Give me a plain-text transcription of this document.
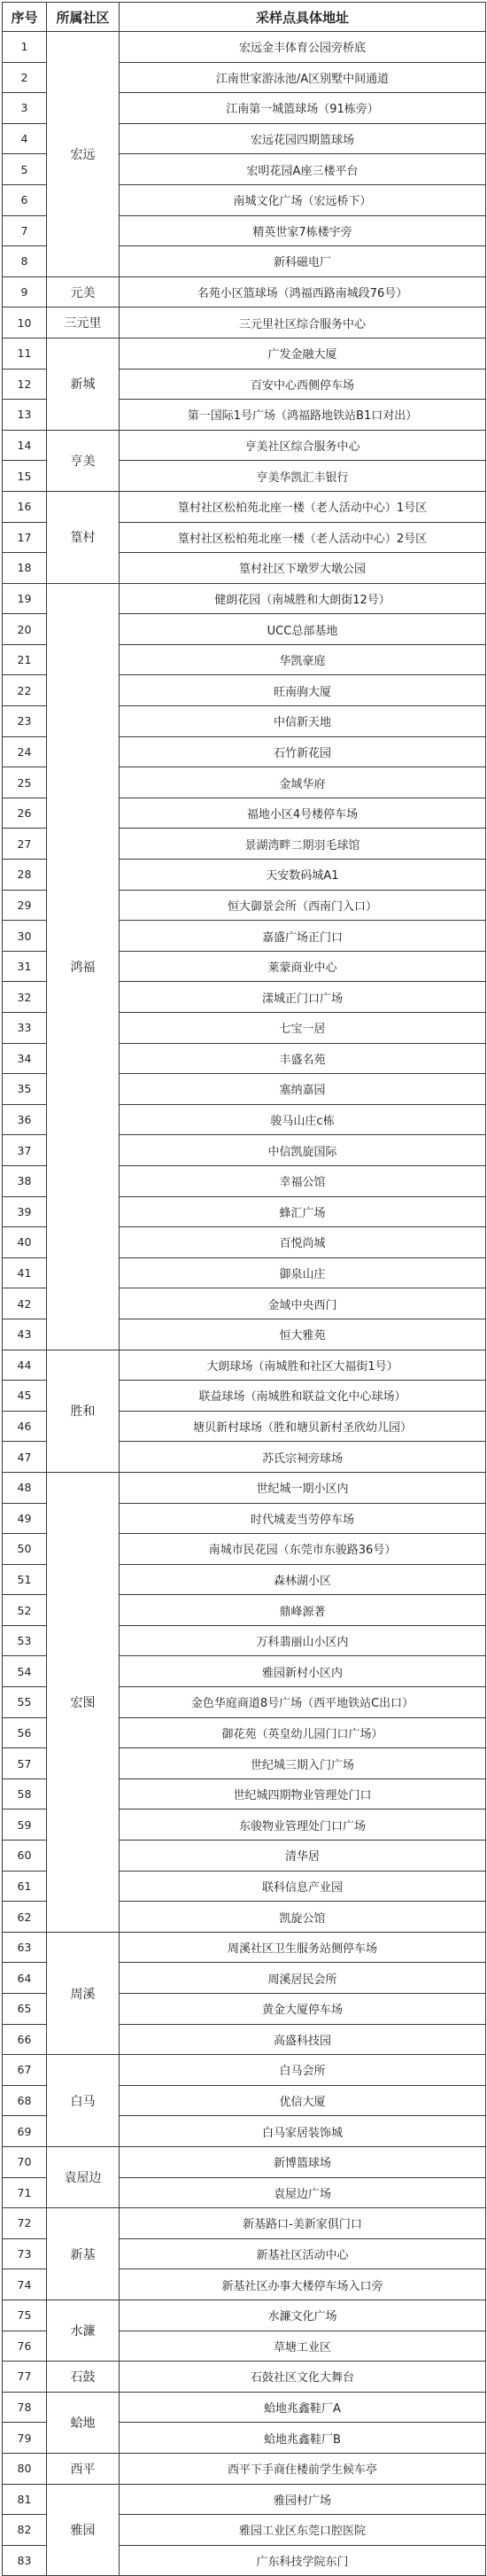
序号	所属社区	采样点具体地址
1	宏远	宏远金丰体育公园旁桥底
2		江南世家游泳池/A区别墅中间通道
3		江南第一城篮球场（91栋旁）
4		宏远花园四期篮球场
5		宏明花园A座三楼平台
6		南城文化广场（宏远桥下）
7		精英世家7栋楼宇旁
8		新科磁电厂
9	元美	名苑小区篮球场（鸿福西路南城段76号）
10	三元里	三元里社区综合服务中心
11	新城	广发金融大厦
12		百安中心西侧停车场
13		第一国际1号广场（鸿福路地铁站B1口对出）
14	亨美	亨美社区综合服务中心
15		亨美华凯汇丰银行
16	篁村	篁村社区松柏苑北座一楼（老人活动中心）1号区
17		篁村社区松柏苑北座一楼（老人活动中心）2号区
18		篁村社区下墩罗大墩公园
19	鸿福	健朗花园（南城胜和大朗街12号）
20		UCC总部基地
21		华凯豪庭
22		旺南驹大厦
23		中信新天地
24		石竹新花园
25		金域华府
26		福地小区4号楼停车场
27		景湖湾畔二期羽毛球馆
28		天安数码城A1
29		恒大御景会所（西南门入口）
30		嘉盛广场正门口
31		莱蒙商业中心
32		漾城正门口广场
33		七宝一居
34		丰盛名苑
35		塞纳嘉园
36		骏马山庄c栋
37		中信凯旋国际
38		幸福公馆
39		蜂汇广场
40		百悦尚城
41		御泉山庄
42		金域中央西门
43		恒大雅苑
44	胜和	大朗球场（南城胜和社区大福街1号）
45		联益球场（南城胜和联益文化中心球场）
46		塘贝新村球场（胜和塘贝新村圣欣幼儿园）
47		苏氏宗祠旁球场
48	宏图	世纪城一期小区内
49		时代城麦当劳停车场
50		南城市民花园（东莞市东骏路36号）
51		森林湖小区
52		鼎峰源著
53		万科翡丽山小区内
54		雅园新村小区内
55		金色华庭商道8号广场（西平地铁站C出口）
56		御花苑（英皇幼儿园门口广场）
57		世纪城三期入门广场
58		世纪城四期物业管理处门口
59		东骏物业管理处门口广场
60		清华居
61		联科信息产业园
62		凯旋公馆
63	周溪	周溪社区卫生服务站侧停车场
64		周溪居民会所
65		黄金大厦停车场
66		高盛科技园
67	白马	白马会所
68		优信大厦
69		白马家居装饰城
70	袁屋边	新博篮球场
71		袁屋边广场
72	新基	新基路口-美新家俱门口
73		新基社区活动中心
74		新基社区办事大楼停车场入口旁
75	水濂	水濂文化广场
76		草塘工业区
77	石鼓	石鼓社区文化大舞台
78	蛤地	蛤地兆鑫鞋厂A
79		蛤地兆鑫鞋厂B
80	西平	西平下手商住楼前学生候车亭
81	雅园	雅园村广场
82		雅园工业区东莞口腔医院
83		广东科技学院东门
